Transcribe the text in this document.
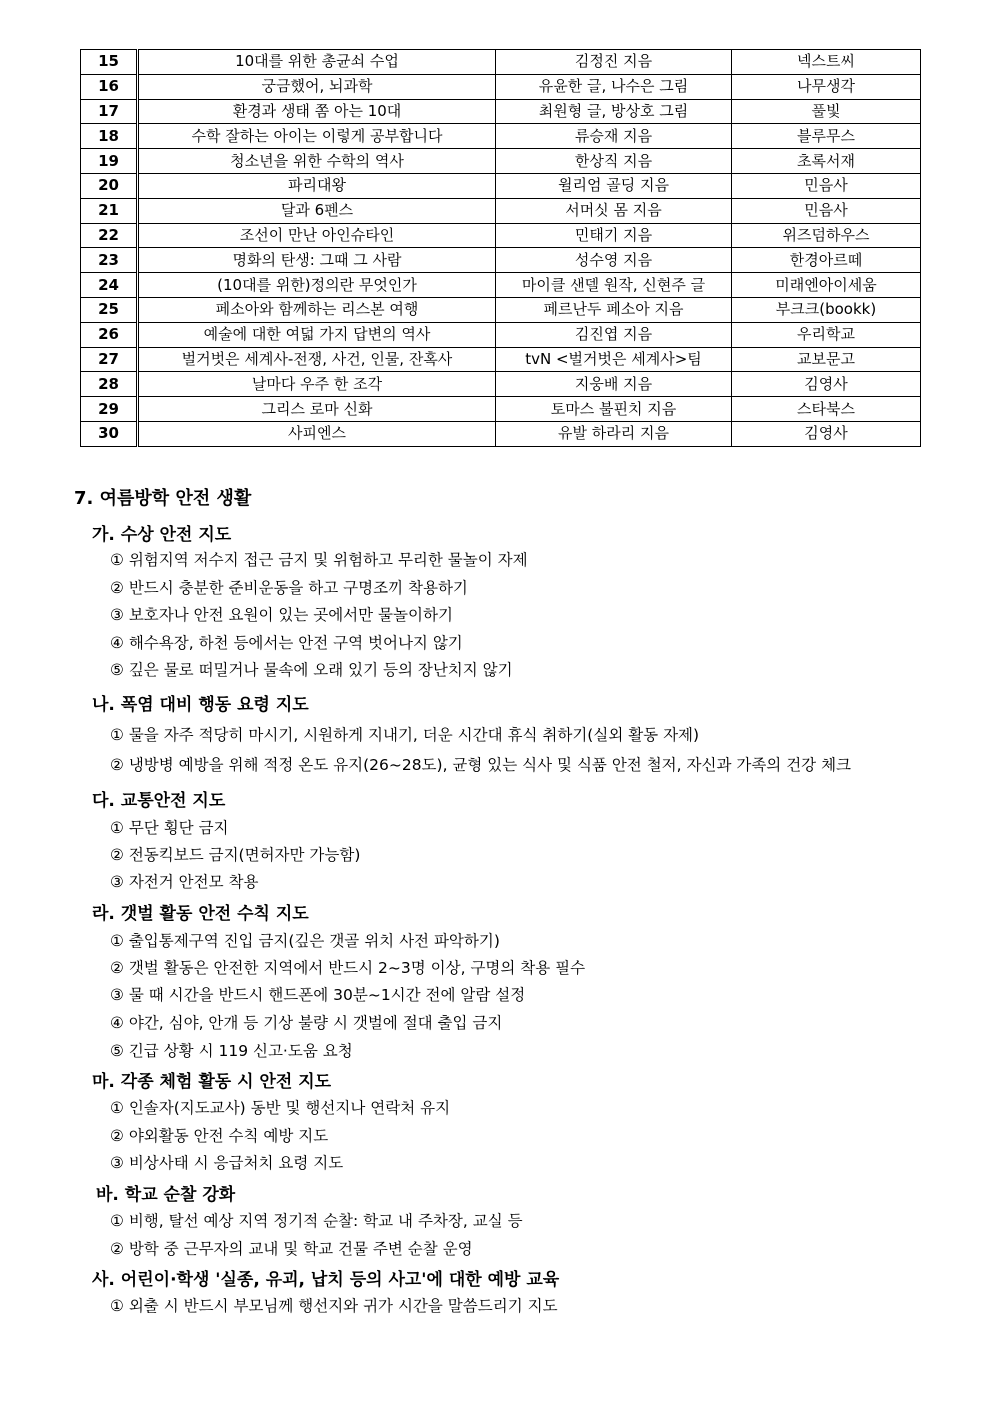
15	10대를 위한 총균쇠 수업	김정진 지음	넥스트씨
16	궁금했어, 뇌과학	유윤한 글, 나수은 그림	나무생각
17	환경과 생태 쫌 아는 10대	최원형 글, 방상호 그림	풀빛
18	수학 잘하는 아이는 이렇게 공부합니다	류승재 지음	블루무스
19	청소년을 위한 수학의 역사	한상직 지음	초록서재
20	파리대왕	윌리엄 골딩 지음	민음사
21	달과 6펜스	서머싯 몸 지음	민음사
22	조선이 만난 아인슈타인	민태기 지음	위즈덤하우스
23	명화의 탄생: 그때 그 사람	성수영 지음	한경아르떼
24	(10대를 위한)정의란 무엇인가	마이클 샌델 원작, 신현주 글	미래엔아이세움
25	페소아와 함께하는 리스본 여행	페르난두 페소아 지음	부크크(bookk)
26	예술에 대한 여덟 가지 답변의 역사	김진엽 지음	우리학교
27	벌거벗은 세계사-전쟁, 사건, 인물, 잔혹사	tvN <벌거벗은 세계사>팀	교보문고
28	날마다 우주 한 조각	지웅배 지음	김영사
29	그리스 로마 신화	토마스 불핀치 지음	스타북스
30	사피엔스	유발 하라리 지음	김영사
7. 여름방학 안전 생활
가. 수상 안전 지도
① 위험지역 저수지 접근 금지 및 위험하고 무리한 물놀이 자제
② 반드시 충분한 준비운동을 하고 구명조끼 착용하기
③ 보호자나 안전 요원이 있는 곳에서만 물놀이하기
④ 해수욕장, 하천 등에서는 안전 구역 벗어나지 않기
⑤ 깊은 물로 떠밀거나 물속에 오래 있기 등의 장난치지 않기
나. 폭염 대비 행동 요령 지도
① 물을 자주 적당히 마시기, 시원하게 지내기, 더운 시간대 휴식 취하기(실외 활동 자제)
② 냉방병 예방을 위해 적정 온도 유지(26~28도), 균형 있는 식사 및 식품 안전 철저, 자신과 가족의 건강 체크
다. 교통안전 지도
① 무단 횡단 금지
② 전동킥보드 금지(면허자만 가능함)
③ 자전거 안전모 착용
라. 갯벌 활동 안전 수칙 지도
① 출입통제구역 진입 금지(깊은 갯골 위치 사전 파악하기)
② 갯벌 활동은 안전한 지역에서 반드시 2~3명 이상, 구명의 착용 필수
③ 물 때 시간을 반드시 핸드폰에 30분~1시간 전에 알람 설정
④ 야간, 심야, 안개 등 기상 불량 시 갯벌에 절대 출입 금지
⑤ 긴급 상황 시 119 신고·도움 요청
마. 각종 체험 활동 시 안전 지도
① 인솔자(지도교사) 동반 및 행선지나 연락처 유지
② 야외활동 안전 수칙 예방 지도
③ 비상사태 시 응급처치 요령 지도
바. 학교 순찰 강화
① 비행, 탈선 예상 지역 정기적 순찰: 학교 내 주차장, 교실 등
② 방학 중 근무자의 교내 및 학교 건물 주변 순찰 운영
사. 어린이·학생 '실종, 유괴, 납치 등의 사고'에 대한 예방 교육
① 외출 시 반드시 부모님께 행선지와 귀가 시간을 말씀드리기 지도
